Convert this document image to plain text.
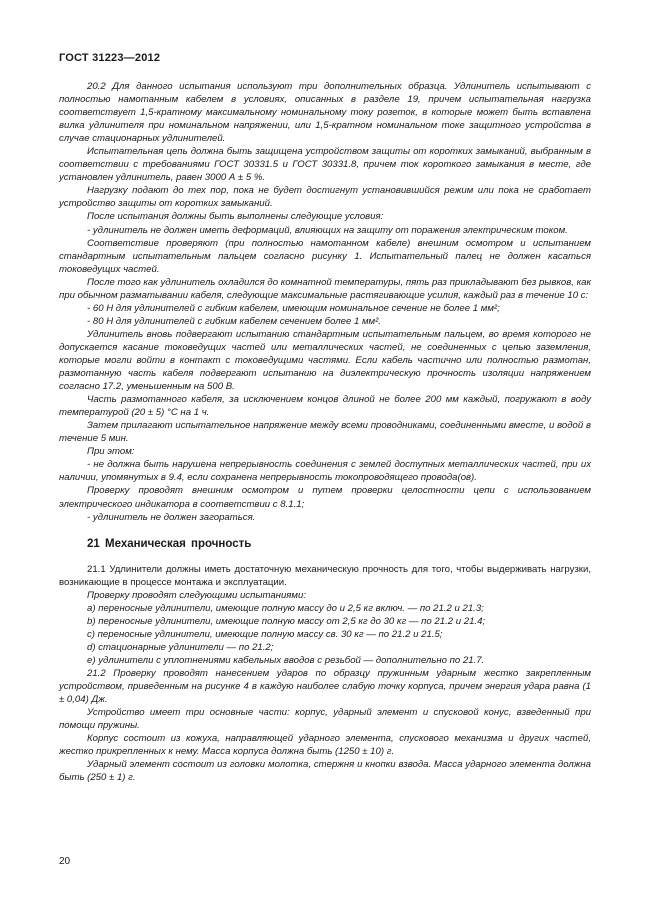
ГОСТ 31223—2012

20.2 Для данного испытания используют три дополнительных образца. Удлинитель испытывают с полностью намотанным кабелем в условиях, описанных в разделе 19, причем испытательная нагрузка соответствует 1,5-кратному максимальному номинальному току розеток, в которые может быть вставлена вилка удлинителя при номинальном напряжении, или 1,5-кратном номинальном токе защитного устройства в случае стационарных удлинителей.

Испытательная цепь должна быть защищена устройством защиты от коротких замыканий, выбранным в соответствии с требованиями ГОСТ 30331.5 и ГОСТ 30331.8, причем ток короткого замыкания в месте, где установлен удлинитель, равен 3000 А ± 5 %.

Нагрузку подают до тех пор, пока не будет достигнут установившийся режим или пока не сработает устройство защиты от коротких замыканий.

После испытания должны быть выполнены следующие условия:

- удлинитель не должен иметь деформаций, влияющих на защиту от поражения электрическим током.

Соответствие проверяют (при полностью намотанном кабеле) внешним осмотром и испытанием стандартным испытательным пальцем согласно рисунку 1. Испытательный палец не должен касаться токоведущих частей.

После того как удлинитель охладился до комнатной температуры, пять раз прикладывают без рывков, как при обычном разматывании кабеля, следующие максимальные растягивающие усилия, каждый раз в течение 10 с:

- 60 Н для удлинителей с гибким кабелем, имеющим номинальное сечение не более 1 мм²;

- 80 Н для удлинителей с гибким кабелем сечением более 1 мм².

Удлинитель вновь подвергают испытанию стандартным испытательным пальцем, во время которого не допускается касание токоведущих частей или металлических частей, не соединенных с цепью заземления, которые могли войти в контакт с токоведущими частями. Если кабель частично или полностью размотан, размотанную часть кабеля подвергают испытанию на диэлектрическую прочность изоляции напряжением согласно 17.2, уменьшенным на 500 В.

Часть размотанного кабеля, за исключением концов длиной не более 200 мм каждый, погружают в воду температурой (20 ± 5) °С на 1 ч.

Затем прилагают испытательное напряжение между всеми проводниками, соединенными вместе, и водой в течение 5 мин.

При этом:

- не должна быть нарушена непрерывность соединения с землей доступных металлических частей, при их наличии, упомянутых в 9.4, если сохранена непрерывность токопроводящего провода(ов).

Проверку проводят внешним осмотром и путем проверки целостности цепи с использованием электрического индикатора в соответствии с 8.1.1;

- удлинитель не должен загораться.

21 Механическая прочность

21.1 Удлинители должны иметь достаточную механическую прочность для того, чтобы выдерживать нагрузки, возникающие в процессе монтажа и эксплуатации.

Проверку проводят следующими испытаниями:

а) переносные удлинители, имеющие полную массу до и 2,5 кг включ. — по 21.2 и 21.3;

b) переносные удлинители, имеющие полную массу от 2,5 кг до 30 кг — по 21.2 и 21.4;

с) переносные удлинители, имеющие полную массу св. 30 кг — по 21.2 и 21.5;

d) стационарные удлинители — по 21.2;

е) удлинители с уплотнениями кабельных вводов с резьбой — дополнительно по 21.7.

21.2 Проверку проводят нанесением ударов по образцу пружинным ударным жестко закрепленным устройством, приведенным на рисунке 4 в каждую наиболее слабую точку корпуса, причем энергия удара равна (1 ± 0,04) Дж.

Устройство имеет три основные части: корпус, ударный элемент и спусковой конус, взведенный при помощи пружины.

Корпус состоит из кожуха, направляющей ударного элемента, спускового механизма и других частей, жестко прикрепленных к нему. Масса корпуса должна быть (1250 ± 10) г.

Ударный элемент состоит из головки молотка, стержня и кнопки взвода. Масса ударного элемента должна быть (250 ± 1) г.

20
